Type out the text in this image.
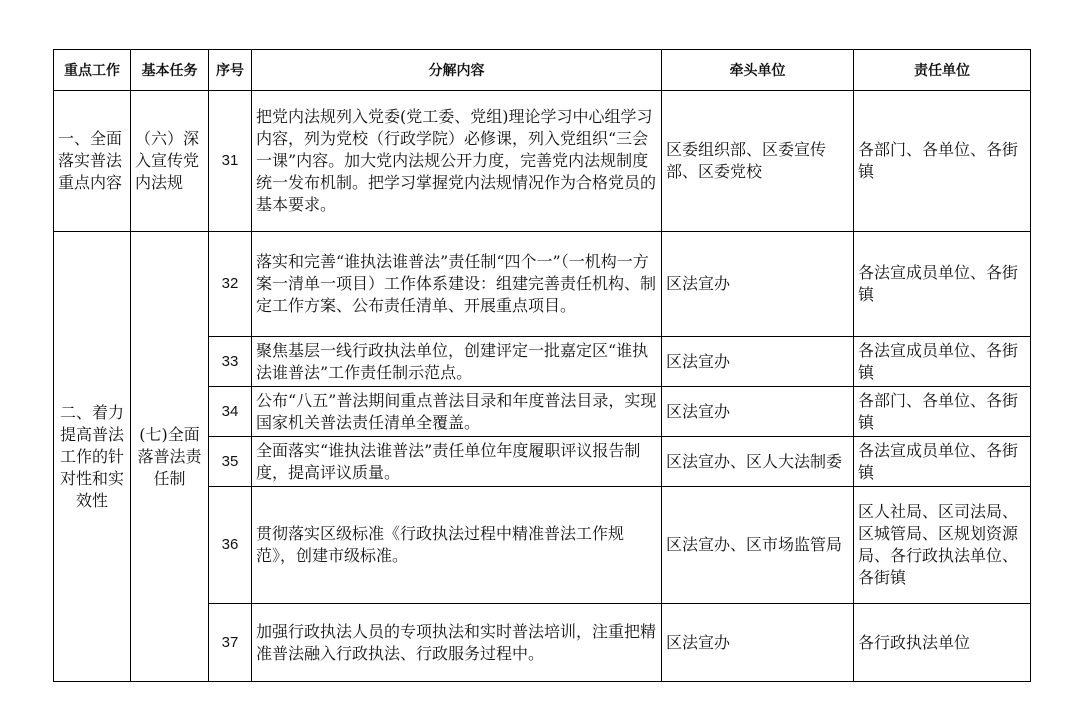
重点工作	基本任务	序号	分解内容	牵头单位	责任单位
一、全面落实普法重点内容	（六）深入宣传党内法规	31	把党内法规列入党委(党工委、党组)理论学习中心组学习内容，列为党校（行政学院）必修课，列入党组织“三会一课”内容。加大党内法规公开力度，完善党内法规制度统一发布机制。把学习掌握党内法规情况作为合格党员的基本要求。	区委组织部、区委宣传部、区委党校	各部门、各单位、各街镇
二、着力提高普法工作的针对性和实效性	(七)全面落普法责任制	32	落实和完善“谁执法谁普法”责任制“四个一”（一机构一方案一清单一项目）工作体系建设：组建完善责任机构、制定工作方案、公布责任清单、开展重点项目。	区法宣办	各法宣成员单位、各街镇
		33	聚焦基层一线行政执法单位，创建评定一批嘉定区“谁执法谁普法”工作责任制示范点。	区法宣办	各法宣成员单位、各街镇
		34	公布“八五”普法期间重点普法目录和年度普法目录，实现国家机关普法责任清单全覆盖。	区法宣办	各部门、各单位、各街镇
		35	全面落实“谁执法谁普法”责任单位年度履职评议报告制度，提高评议质量。	区法宣办、区人大法制委	各法宣成员单位、各街镇
		36	贯彻落实区级标准《行政执法过程中精准普法工作规范》，创建市级标准。	区法宣办、区市场监管局	区人社局、区司法局、区城管局、区规划资源局、各行政执法单位、各街镇
		37	加强行政执法人员的专项执法和实时普法培训，注重把精准普法融入行政执法、行政服务过程中。	区法宣办	各行政执法单位
